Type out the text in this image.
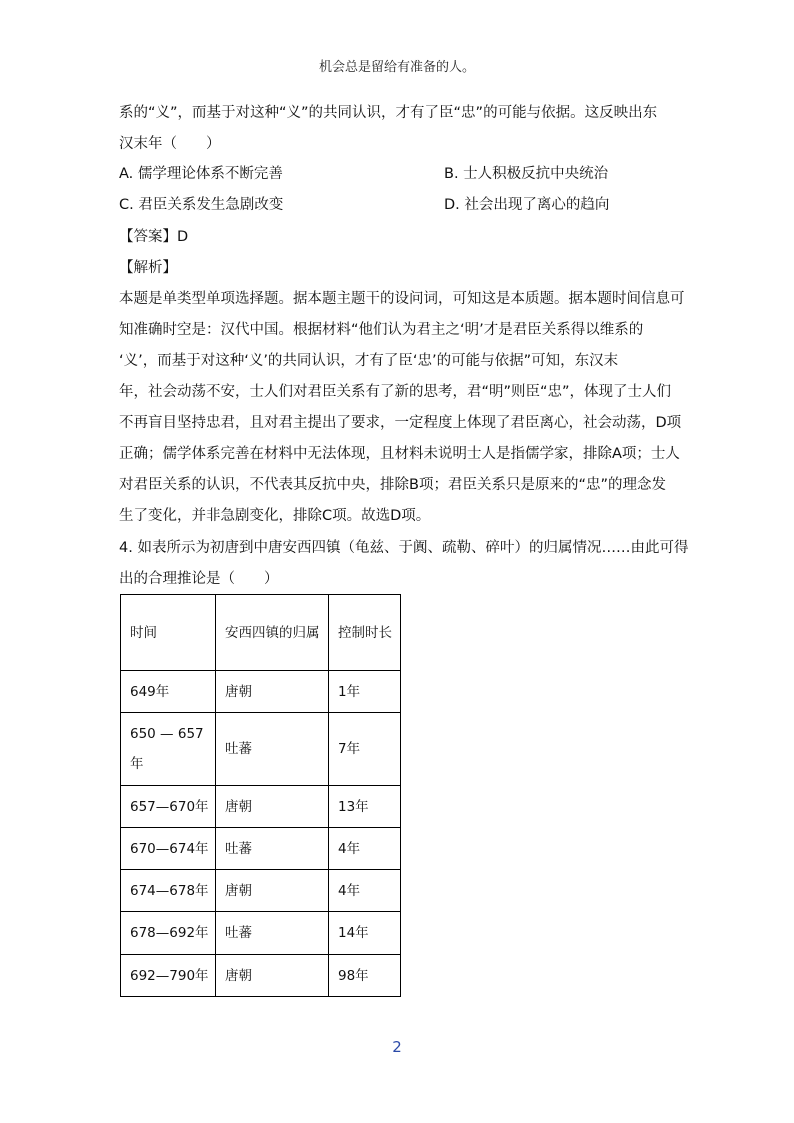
机会总是留给有准备的人。
系的“义”，而基于对这种“义”的共同认识，才有了臣“忠”的可能与依据。这反映出东
汉末年（　　）
A. 儒学理论体系不断完善	B. 士人积极反抗中央统治
C. 君臣关系发生急剧改变	D. 社会出现了离心的趋向
【答案】D
【解析】
本题是单类型单项选择题。据本题主题干的设问词，可知这是本质题。据本题时间信息可
知准确时空是：汉代中国。根据材料“他们认为君主之‘明’才是君臣关系得以维系的
‘义’，而基于对这种‘义’的共同认识，才有了臣‘忠’的可能与依据”可知，东汉末
年，社会动荡不安，士人们对君臣关系有了新的思考，君“明”则臣“忠”，体现了士人们
不再盲目坚持忠君，且对君主提出了要求，一定程度上体现了君臣离心，社会动荡，D项
正确；儒学体系完善在材料中无法体现，且材料未说明士人是指儒学家，排除A项；士人
对君臣关系的认识，不代表其反抗中央，排除B项；君臣关系只是原来的“忠”的理念发
生了变化，并非急剧变化，排除C项。故选D项。
4. 如表所示为初唐到中唐安西四镇（龟兹、于阗、疏勒、碎叶）的归属情况……由此可得
出的合理推论是（　　）
时间	安西四镇的归属	控制时长
649年	唐朝	1年
650 — 657年	吐蕃	7年
657—670年	唐朝	13年
670—674年	吐蕃	4年
674—678年	唐朝	4年
678—692年	吐蕃	14年
692—790年	唐朝	98年
2
